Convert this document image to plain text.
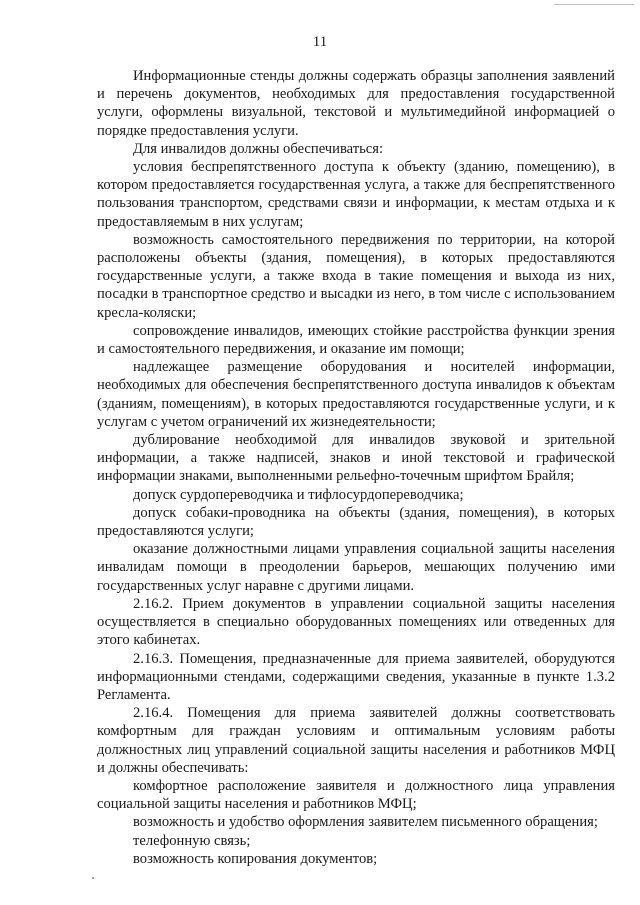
11

Информационные стенды должны содержать образцы заполнения заявлений и перечень документов, необходимых для предоставления государственной услуги, оформлены визуальной, текстовой и мультимедийной информацией о порядке предоставления услуги.

Для инвалидов должны обеспечиваться:

условия беспрепятственного доступа к объекту (зданию, помещению), в котором предоставляется государственная услуга, а также для беспрепятственного пользования транспортом, средствами связи и информации, к местам отдыха и к предоставляемым в них услугам;

возможность самостоятельного передвижения по территории, на которой расположены объекты (здания, помещения), в которых предоставляются государственные услуги, а также входа в такие помещения и выхода из них, посадки в транспортное средство и высадки из него, в том числе с использованием кресла-коляски;

сопровождение инвалидов, имеющих стойкие расстройства функции зрения и самостоятельного передвижения, и оказание им помощи;

надлежащее размещение оборудования и носителей информации, необходимых для обеспечения беспрепятственного доступа инвалидов к объектам (зданиям, помещениям), в которых предоставляются государственные услуги, и к услугам с учетом ограничений их жизнедеятельности;

дублирование необходимой для инвалидов звуковой и зрительной информации, а также надписей, знаков и иной текстовой и графической информации знаками, выполненными рельефно-точечным шрифтом Брайля;

допуск сурдопереводчика и тифлосурдопереводчика;

допуск собаки-проводника на объекты (здания, помещения), в которых предоставляются услуги;

оказание должностными лицами управления социальной защиты населения инвалидам помощи в преодолении барьеров, мешающих получению ими государственных услуг наравне с другими лицами.

2.16.2. Прием документов в управлении социальной защиты населения осуществляется в специально оборудованных помещениях или отведенных для этого кабинетах.

2.16.3. Помещения, предназначенные для приема заявителей, оборудуются информационными стендами, содержащими сведения, указанные в пункте 1.3.2 Регламента.

2.16.4. Помещения для приема заявителей должны соответствовать комфортным для граждан условиям и оптимальным условиям работы должностных лиц управлений социальной защиты населения и работников МФЦ и должны обеспечивать:

комфортное расположение заявителя и должностного лица управления социальной защиты населения и работников МФЦ;

возможность и удобство оформления заявителем письменного обращения;

телефонную связь;

возможность копирования документов;
